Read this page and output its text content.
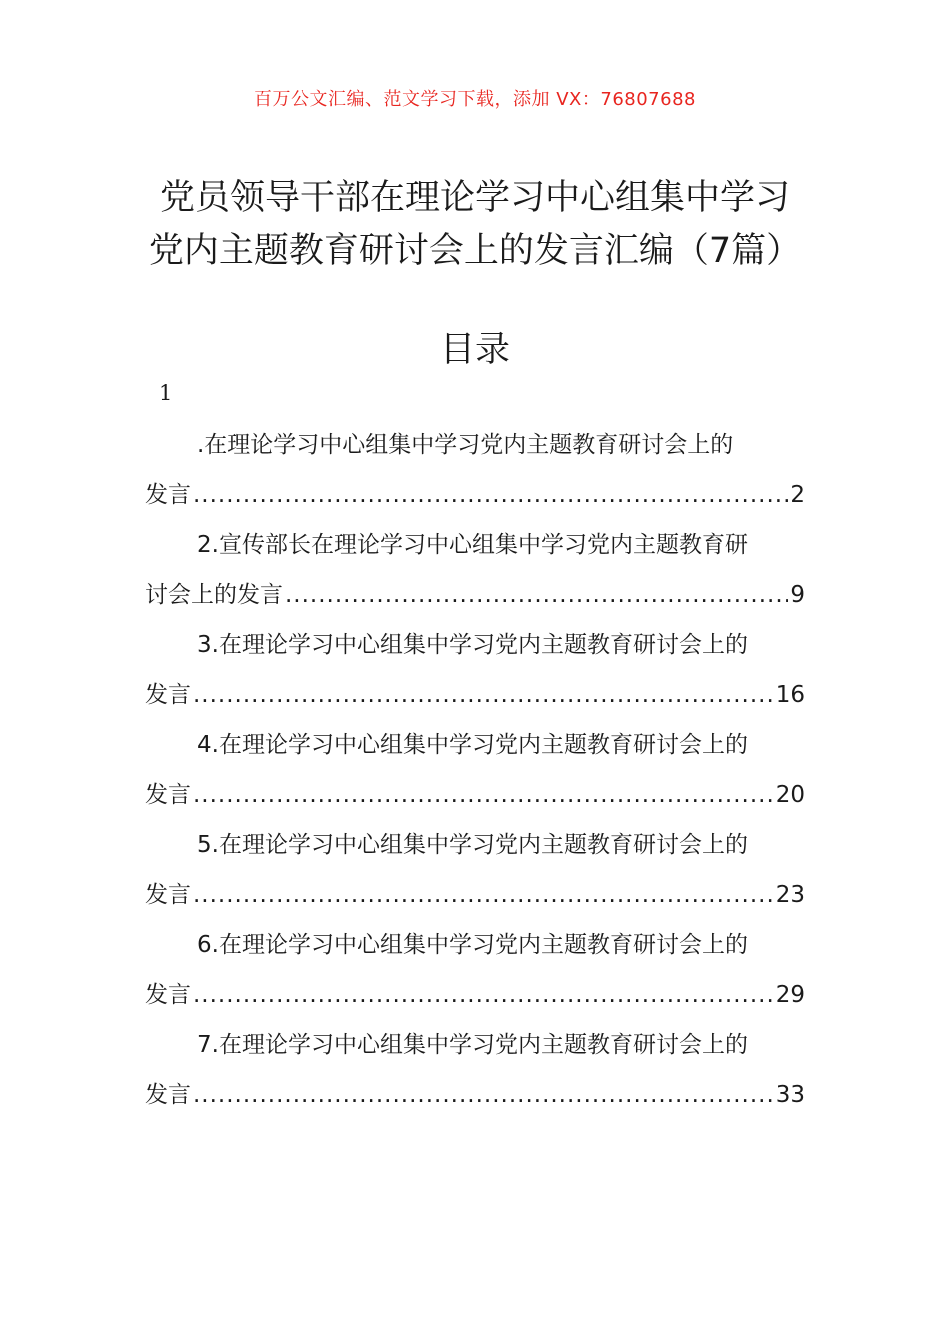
百万公文汇编、范文学习下载，添加 VX：76807688
党员领导干部在理论学习中心组集中学习
党内主题教育研讨会上的发言汇编（7篇）
目录
1
.在理论学习中心组集中学习党内主题教育研讨会上的
发言 .....	2
2.宣传部长在理论学习中心组集中学习党内主题教育研
讨会上的发言 .....	9
3.在理论学习中心组集中学习党内主题教育研讨会上的
发言 .....	16
4.在理论学习中心组集中学习党内主题教育研讨会上的
发言 .....	20
5.在理论学习中心组集中学习党内主题教育研讨会上的
发言 .....	23
6.在理论学习中心组集中学习党内主题教育研讨会上的
发言 .....	29
7.在理论学习中心组集中学习党内主题教育研讨会上的
发言 .....	33
